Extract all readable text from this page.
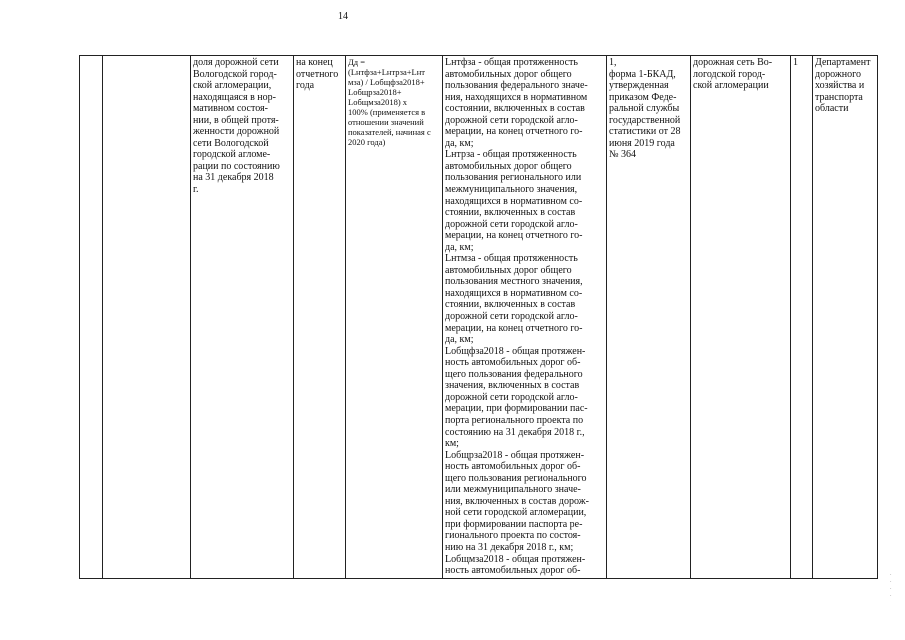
14

доля дорожной сети
Вологодской город-
ской агломерации,
находящаяся в нор-
мативном состоя-
нии, в общей протя-
женности дорожной
сети Вологодской
городской агломе-
рации по состоянию
на 31 декабря 2018
г.

на конец
отчетного
года

Дд =
(Lнтфза+Lнтрза+Lнт
мза) / Lобщфза2018+
Lобщрза2018+
Lобщмза2018) х
100% (применяется в
отношении значений
показателей, начиная с
2020 года)

Lнтфза - общая протяженность
автомобильных дорог общего
пользования федерального значе-
ния, находящихся в нормативном
состоянии, включенных в состав
дорожной сети городской агло-
мерации, на конец отчетного го-
да, км;
Lнтрза - общая протяженность
автомобильных дорог общего
пользования регионального или
межмуниципального значения,
находящихся в нормативном со-
стоянии, включенных в состав
дорожной сети городской агло-
мерации, на конец отчетного го-
да, км;
Lнтмза - общая протяженность
автомобильных дорог общего
пользования местного значения,
находящихся в нормативном со-
стоянии, включенных в состав
дорожной сети городской агло-
мерации, на конец отчетного го-
да, км;
Lобщфза2018 - общая протяжен-
ность автомобильных дорог об-
щего пользования федерального
значения, включенных в состав
дорожной сети городской агло-
мерации, при формировании пас-
порта регионального проекта по
состоянию на 31 декабря 2018 г.,
км;
Lобщрза2018 - общая протяжен-
ность автомобильных дорог об-
щего пользования регионального
или межмуниципального значе-
ния, включенных в состав дорож-
ной сети городской агломерации,
при формировании паспорта ре-
гионального проекта по состоя-
нию на 31 декабря 2018 г., км;
Lобщмза2018 - общая протяжен-
ность автомобильных дорог об-

1,
форма 1-БКАД,
утвержденная
приказом Феде-
ральной службы
государственной
статистики от 28
июня 2019 года
№ 364

дорожная сеть Во-
логодской город-
ской агломерации

1	Департамент
дорожного
хозяйства и
транспорта
области
. . . .
